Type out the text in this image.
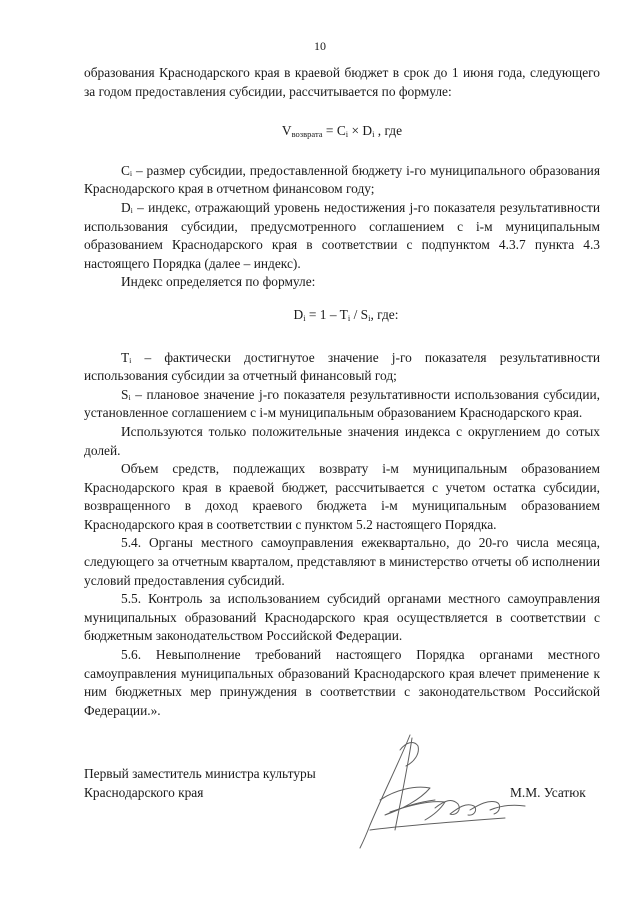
10

образования Краснодарского края в краевой бюджет в срок до 1 июня года, следующего за годом предоставления субсидии, рассчитывается по формуле:

$V_{возврата} = C_i \times D_i$ , где

Cᵢ – размер субсидии, предоставленной бюджету i-го муниципального образования Краснодарского края в отчетном финансовом году;

Dᵢ – индекс, отражающий уровень недостижения j-го показателя результативности использования субсидии, предусмотренного соглашением с i-м муниципальным образованием Краснодарского края в соответствии с подпунктом 4.3.7 пункта 4.3 настоящего Порядка (далее – индекс).

Индекс определяется по формуле:

$D_i = 1 - T_i / S_i$, где:

Tᵢ – фактически достигнутое значение j-го показателя результативности использования субсидии за отчетный финансовый год;

Sᵢ – плановое значение j-го показателя результативности использования субсидии, установленное соглашением с i-м муниципальным образованием Краснодарского края.

Используются только положительные значения индекса с округлением до сотых долей.

Объем средств, подлежащих возврату i-м муниципальным образованием Краснодарского края в краевой бюджет, рассчитывается с учетом остатка субсидии, возвращенного в доход краевого бюджета i-м муниципальным образованием Краснодарского края в соответствии с пунктом 5.2 настоящего Порядка.

5.4. Органы местного самоуправления ежеквартально, до 20-го числа месяца, следующего за отчетным кварталом, представляют в министерство отчеты об исполнении условий предоставления субсидий.

5.5. Контроль за использованием субсидий органами местного самоуправления муниципальных образований Краснодарского края осуществляется в соответствии с бюджетным законодательством Российской Федерации.

5.6. Невыполнение требований настоящего Порядка органами местного самоуправления муниципальных образований Краснодарского края влечет применение к ним бюджетных мер принуждения в соответствии с законодательством Российской Федерации.».

Первый заместитель министра культуры
Краснодарского края	М.М. Усатюк
